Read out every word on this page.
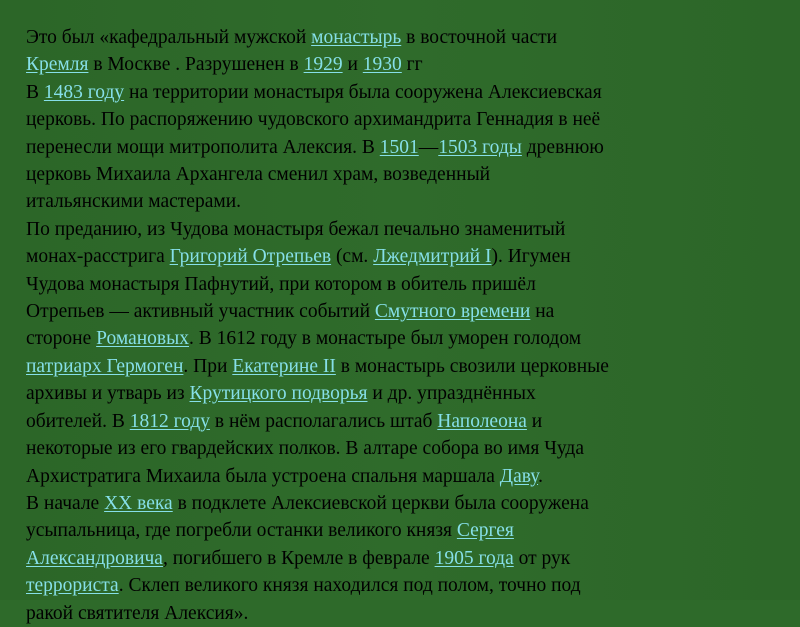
Это был «кафедральный мужской монастырь в восточной части
Кремля в Москве . Разрушенен в 1929 и 1930 гг
В 1483 году на территории монастыря была сооружена Алексиевская
церковь. По распоряжению чудовского архимандрита Геннадия в неё
перенесли мощи митрополита Алексия. В 1501—1503 годы древнюю
церковь Михаила Архангела сменил храм, возведенный
итальянскими мастерами.
По преданию, из Чудова монастыря бежал печально знаменитый
монах-расстрига Григорий Отрепьев (см. Лжедмитрий I). Игумен
Чудова монастыря Пафнутий, при котором в обитель пришёл
Отрепьев — активный участник событий Смутного времени на
стороне Романовых. В 1612 году в монастыре был уморен голодом
патриарх Гермоген. При Екатерине II в монастырь свозили церковные
архивы и утварь из Крутицкого подворья и др. упразднённых
обителей. В 1812 году в нём располагались штаб Наполеона и
некоторые из его гвардейских полков. В алтаре собора во имя Чуда
Архистратига Михаила была устроена спальня маршала Даву.
В начале XX века в подклете Алексиевской церкви была сооружена
усыпальница, где погребли останки великого князя Сергея
Александровича, погибшего в Кремле в феврале 1905 года от рук
террориста. Склеп великого князя находился под полом, точно под
ракой святителя Алексия».
